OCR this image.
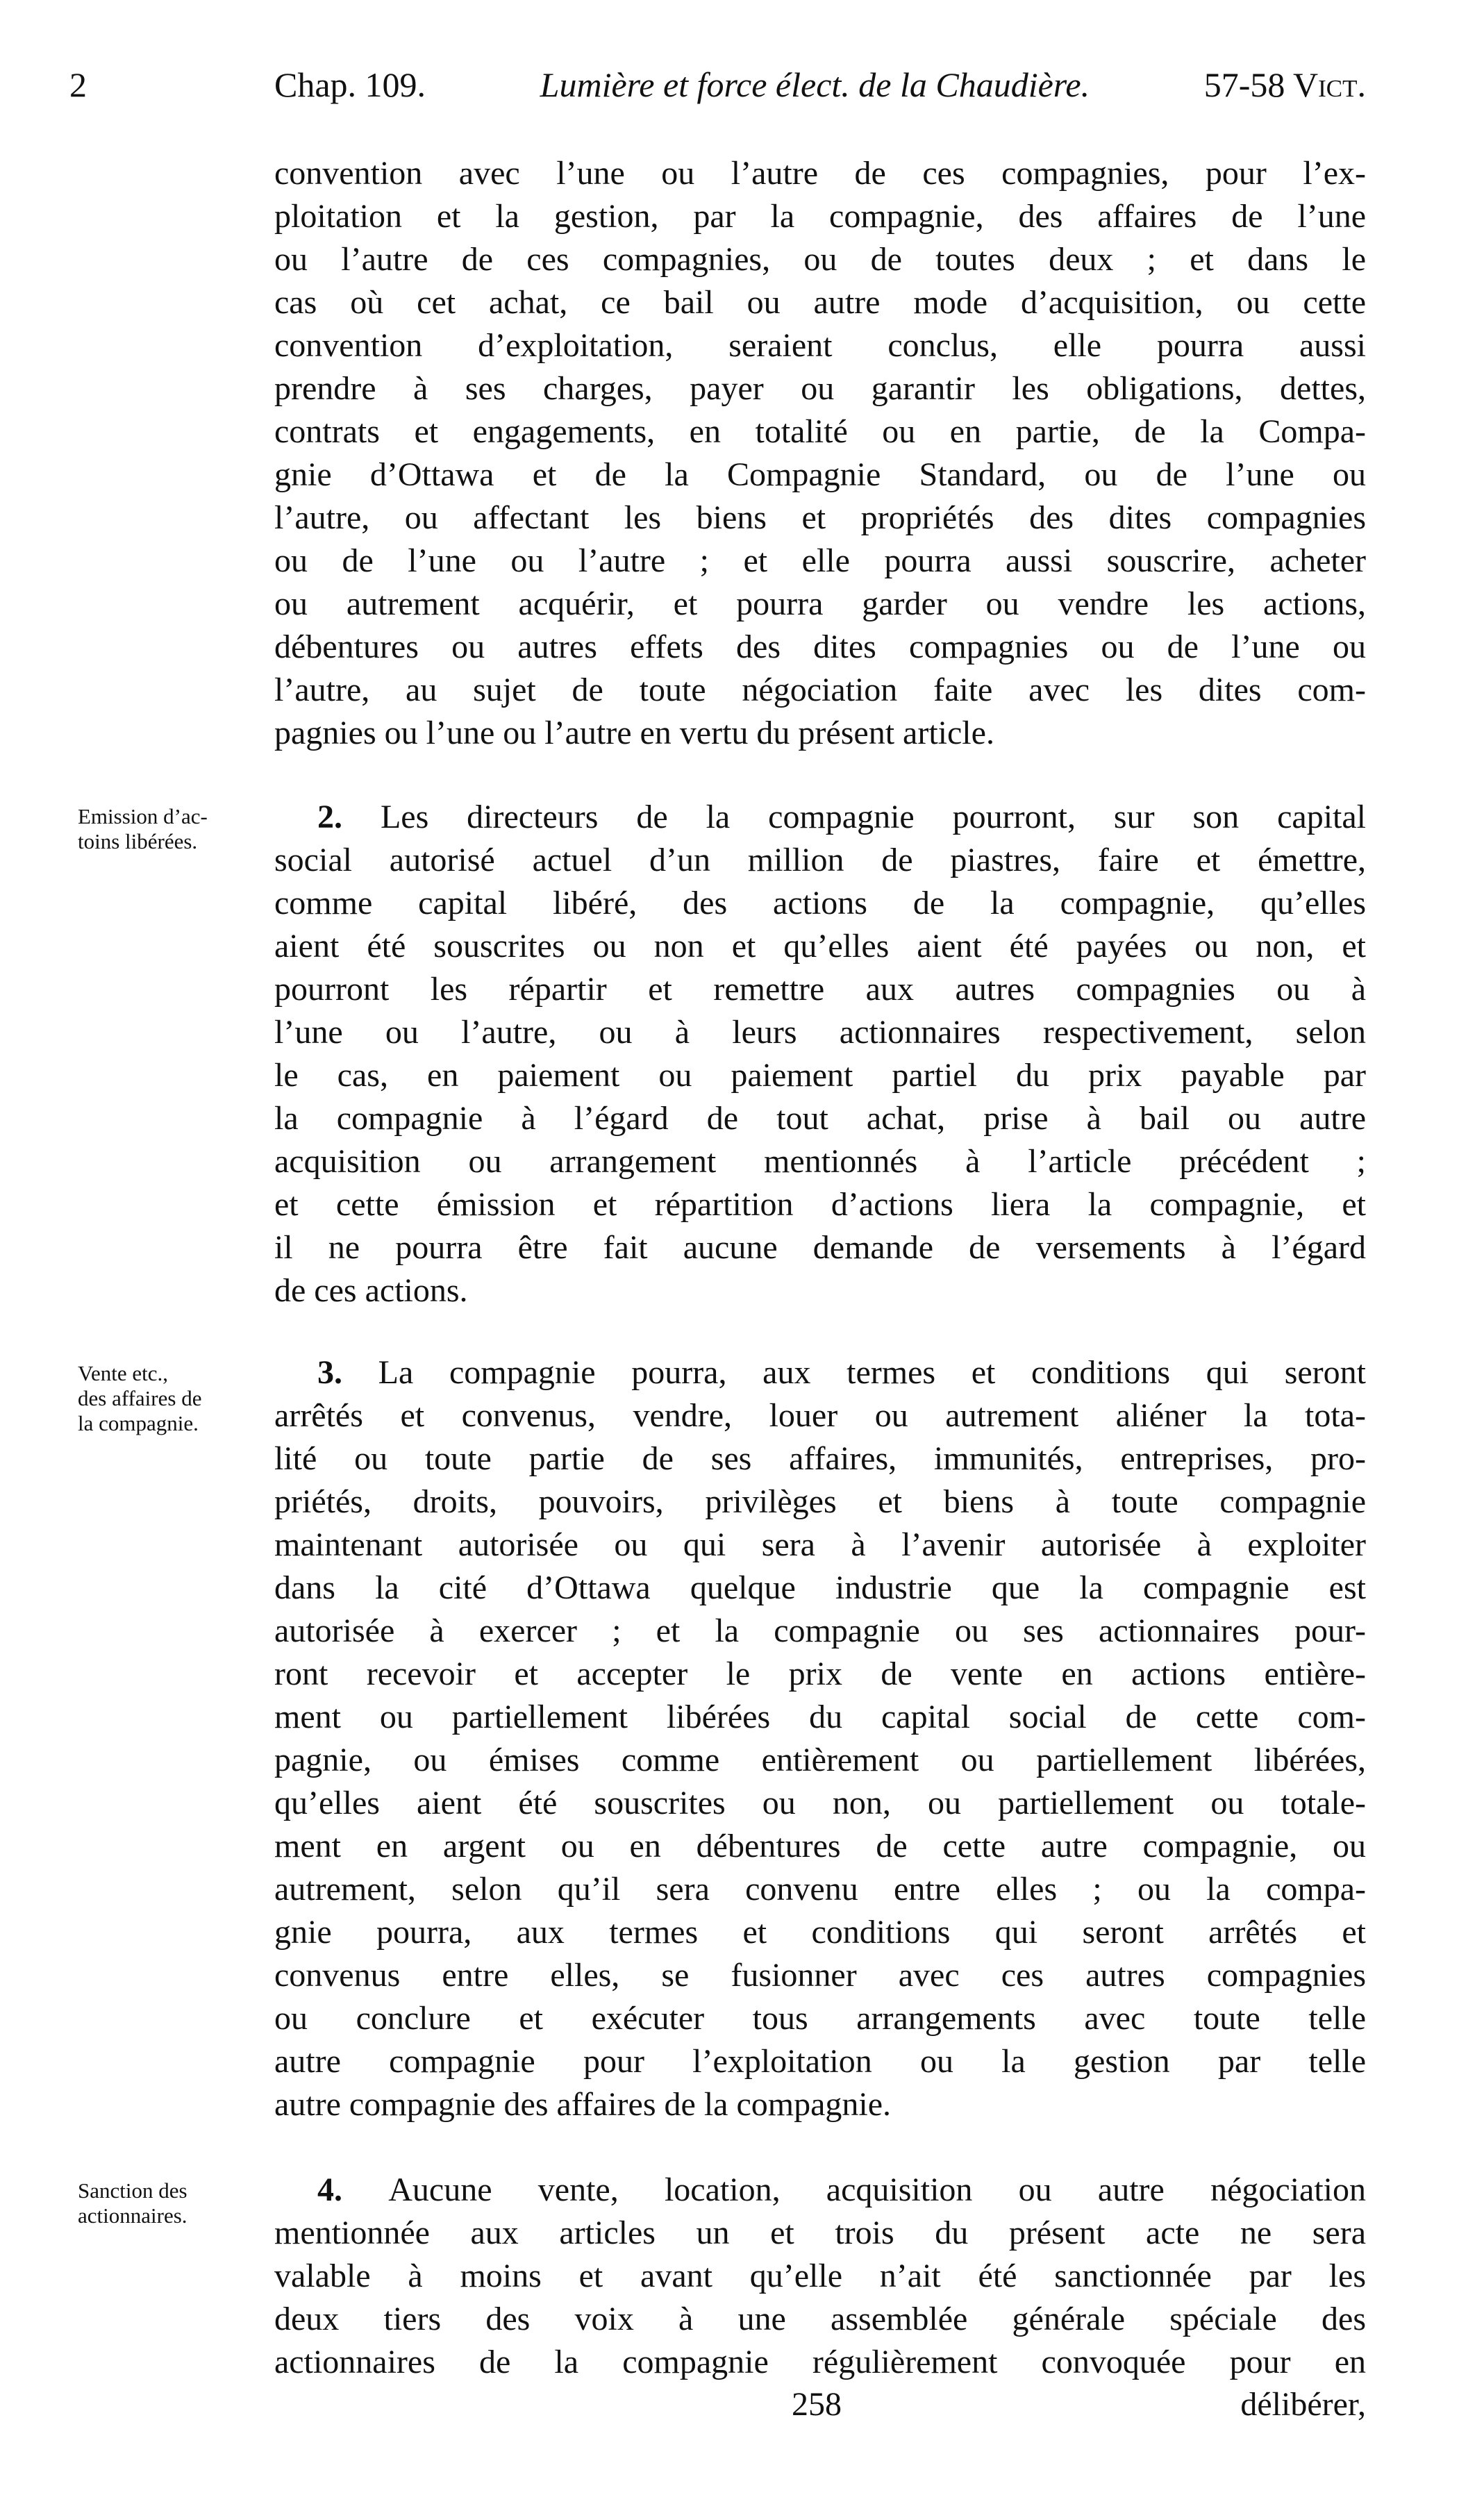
2	Chap. 109.	Lumière et force élect. de la Chaudière.	57-58 Vict.
convention avec l’une ou l’autre de ces compagnies, pour l’ex-
ploitation et la gestion, par la compagnie, des affaires de l’une
ou l’autre de ces compagnies, ou de toutes deux ; et dans le
cas où cet achat, ce bail ou autre mode d’acquisition, ou cette
convention d’exploitation, seraient conclus, elle pourra aussi
prendre à ses charges, payer ou garantir les obligations, dettes,
contrats et engagements, en totalité ou en partie, de la Compa-
gnie d’Ottawa et de la Compagnie Standard, ou de l’une ou
l’autre, ou affectant les biens et propriétés des dites compagnies
ou de l’une ou l’autre ; et elle pourra aussi souscrire, acheter
ou autrement acquérir, et pourra garder ou vendre les actions,
débentures ou autres effets des dites compagnies ou de l’une ou
l’autre, au sujet de toute négociation faite avec les dites com-
pagnies ou l’une ou l’autre en vertu du présent article.
2. Les directeurs de la compagnie pourront, sur son capital
social autorisé actuel d’un million de piastres, faire et émettre,
comme capital libéré, des actions de la compagnie, qu’elles
aient été souscrites ou non et qu’elles aient été payées ou non, et
pourront les répartir et remettre aux autres compagnies ou à
l’une ou l’autre, ou à leurs actionnaires respectivement, selon
le cas, en paiement ou paiement partiel du prix payable par
la compagnie à l’égard de tout achat, prise à bail ou autre
acquisition ou arrangement mentionnés à l’article précédent ;
et cette émission et répartition d’actions liera la compagnie, et
il ne pourra être fait aucune demande de versements à l’égard
de ces actions.
Emission d’ac-
toins libérées.
3. La compagnie pourra, aux termes et conditions qui seront
arrêtés et convenus, vendre, louer ou autrement aliéner la tota-
lité ou toute partie de ses affaires, immunités, entreprises, pro-
priétés, droits, pouvoirs, privilèges et biens à toute compagnie
maintenant autorisée ou qui sera à l’avenir autorisée à exploiter
dans la cité d’Ottawa quelque industrie que la compagnie est
autorisée à exercer ; et la compagnie ou ses actionnaires pour-
ront recevoir et accepter le prix de vente en actions entière-
ment ou partiellement libérées du capital social de cette com-
pagnie, ou émises comme entièrement ou partiellement libérées,
qu’elles aient été souscrites ou non, ou partiellement ou totale-
ment en argent ou en débentures de cette autre compagnie, ou
autrement, selon qu’il sera convenu entre elles ; ou la compa-
gnie pourra, aux termes et conditions qui seront arrêtés et
convenus entre elles, se fusionner avec ces autres compagnies
ou conclure et exécuter tous arrangements avec toute telle
autre compagnie pour l’exploitation ou la gestion par telle
autre compagnie des affaires de la compagnie.
Vente etc.,
des affaires de
la compagnie.
4. Aucune vente, location, acquisition ou autre négociation
mentionnée aux articles un et trois du présent acte ne sera
valable à moins et avant qu’elle n’ait été sanctionnée par les
deux tiers des voix à une assemblée générale spéciale des
actionnaires de la compagnie régulièrement convoquée pour en
Sanction des
actionnaires.
258	délibérer,
